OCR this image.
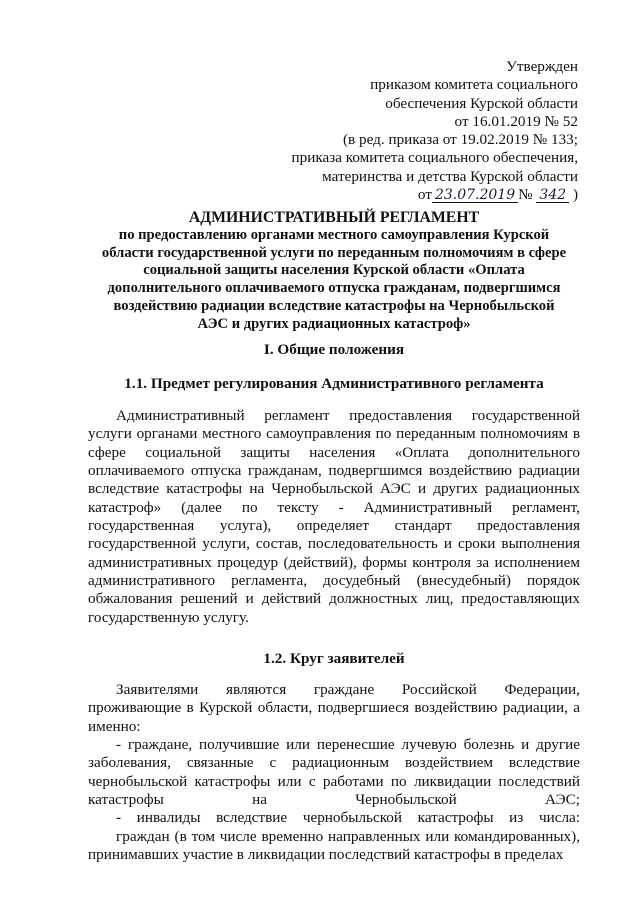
Утвержден
приказом комитета социального
обеспечения Курской области
от 16.01.2019 № 52
(в ред. приказа от 19.02.2019 № 133;
приказа комитета социального обеспечения,
материнства и детства Курской области
от 23.07.2019 № 342 )
АДМИНИСТРАТИВНЫЙ РЕГЛАМЕНТ
по предоставлению органами местного самоуправления Курской
области государственной услуги по переданным полномочиям в сфере
социальной защиты населения Курской области «Оплата
дополнительного оплачиваемого отпуска гражданам, подвергшимся
воздействию радиации вследствие катастрофы на Чернобыльской
АЭС и других радиационных катастроф»
I. Общие положения
1.1. Предмет регулирования Административного регламента
Административный регламент предоставления государственной
услуги органами местного самоуправления по переданным полномочиям в
сфере социальной защиты населения «Оплата дополнительного
оплачиваемого отпуска гражданам, подвергшимся воздействию радиации
вследствие катастрофы на Чернобыльской АЭС и других радиационных
катастроф» (далее по тексту - Административный регламент,
государственная услуга), определяет стандарт предоставления
государственной услуги, состав, последовательность и сроки выполнения
административных процедур (действий), формы контроля за исполнением
административного регламента, досудебный (внесудебный) порядок
обжалования решений и действий должностных лиц, предоставляющих
государственную услугу.
1.2. Круг заявителей
Заявителями являются граждане Российской Федерации,
проживающие в Курской области, подвергшиеся воздействию радиации, а
именно:
- граждане, получившие или перенесшие лучевую болезнь и другие
заболевания, связанные с радиационным воздействием вследствие
чернобыльской катастрофы или с работами по ликвидации последствий
катастрофы на Чернобыльской АЭС;
- инвалиды вследствие чернобыльской катастрофы из числа:
граждан (в том числе временно направленных или командированных),
принимавших участие в ликвидации последствий катастрофы в пределах
